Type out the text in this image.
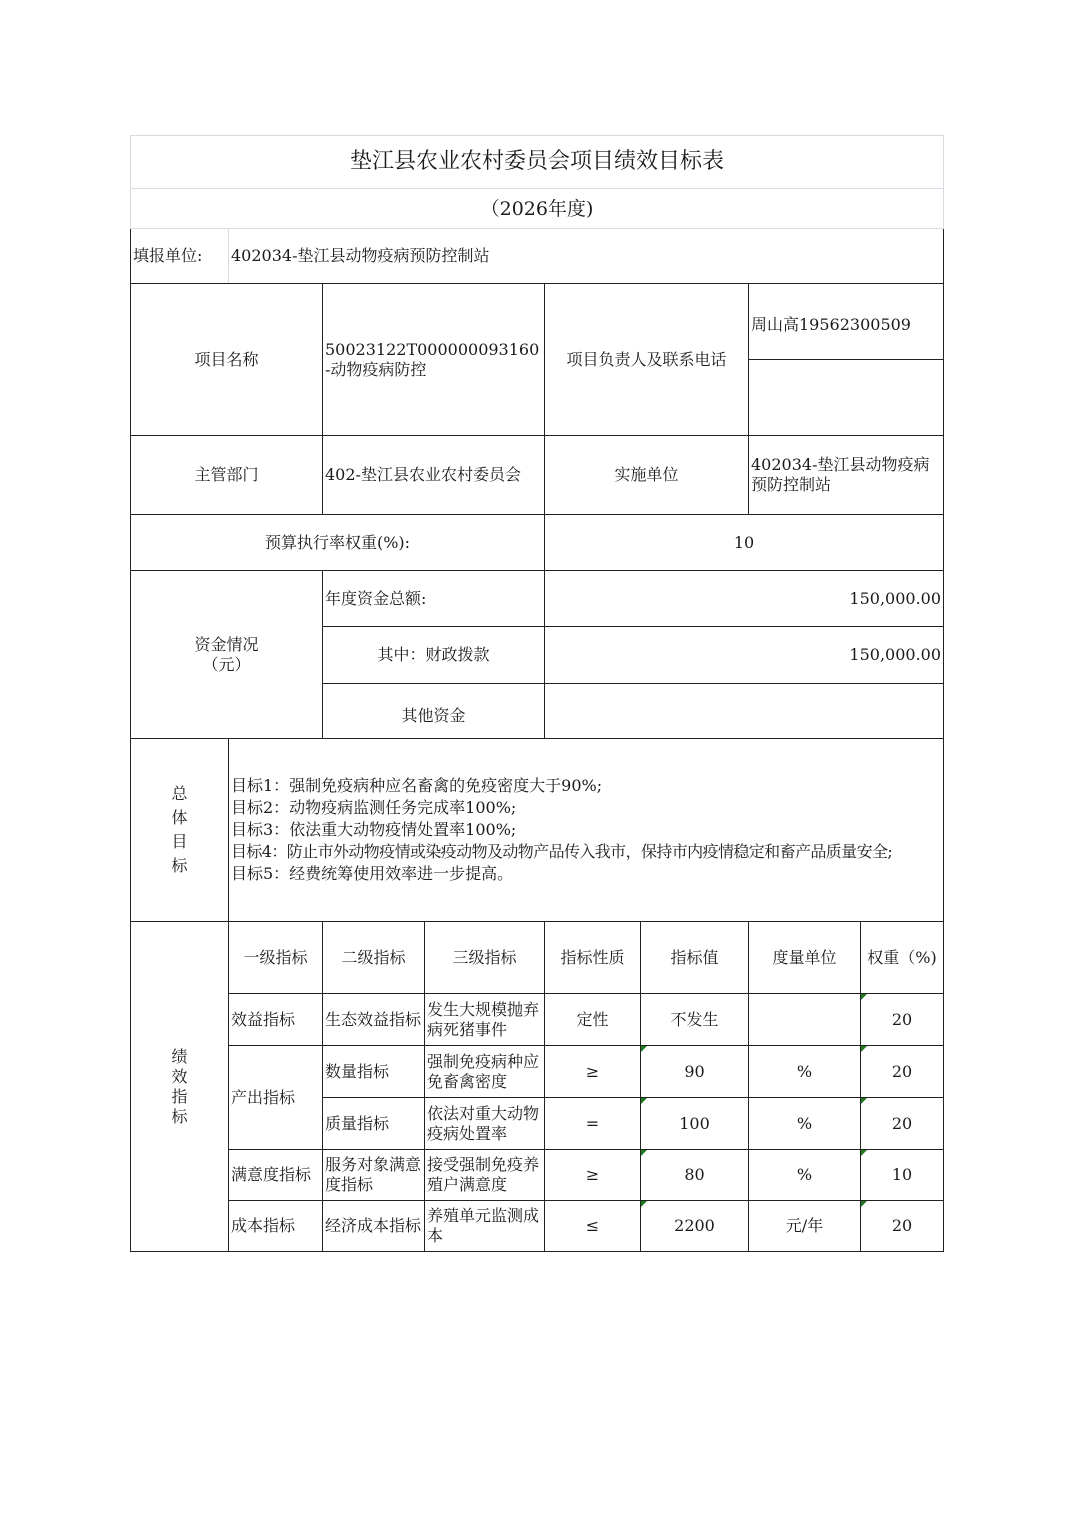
垫江县农业农村委员会项目绩效目标表							
（2026年度)							
填报单位:	402034-垫江县动物疫病预防控制站						
项目名称		50023122T000000093160-动物疫病防控		项目负责人及联系电话		周山高19562300509	

主管部门		402-垫江县农业农村委员会		实施单位		402034-垫江县动物疫病预防控制站	

预算执行率权重(%):				10			

资金情况
（元）		年度资金总额:		150,000.00			
		其中：财政拨款		150,000.00			
		其他资金					
总体目标	目标1：强制免疫病种应名畜禽的免疫密度大于90%;
目标2：动物疫病监测任务完成率100%;
目标3：依法重大动物疫情处置率100%;
目标4：防止市外动物疫情或染疫动物及动物产品传入我市，保持市内疫情稳定和畜产品质量安全;
目标5：经费统筹使用效率进一步提高。						

绩
效
指
标	一级指标	二级指标	三级指标	指标性质	指标值	度量单位	权重（%)
	效益指标	生态效益指标	发生大规模抛弃病死猪事件	定性	不发生		20
	产出指标	数量指标	强制免疫病种应免畜禽密度	≥	90	%	20
		质量指标	依法对重大动物疫病处置率	=	100	%	20
	满意度指标	服务对象满意度指标	接受强制免疫养殖户满意度	≥	80	%	10
	成本指标	经济成本指标	养殖单元监测成本	≤	2200	元/年	20
